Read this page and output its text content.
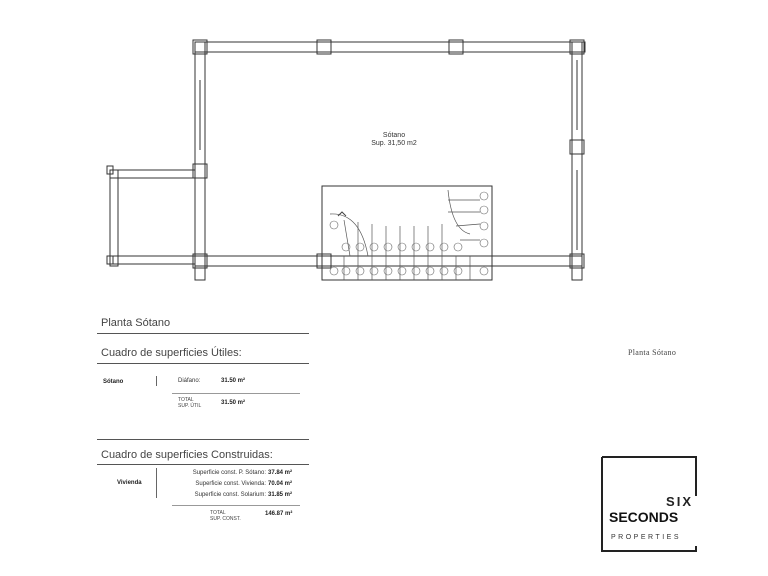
Sótano
Sup. 31,50 m2
Planta Sótano
Cuadro de superficies Útiles:
Sótano	Diáfano:	31.50 m²
TOTAL
SUP. ÚTIL	31.50 m²
Cuadro de superficies Construidas:
Vivienda
Superficie const. P. Sótano: 37.84 m²
Superficie const. Vivienda: 70.04 m²
Superficie const. Solarium: 31.85 m²
TOTAL
SUP. CONST.
146.87 m²
Planta Sótano
SIX
SECONDS
PROPERTIES
